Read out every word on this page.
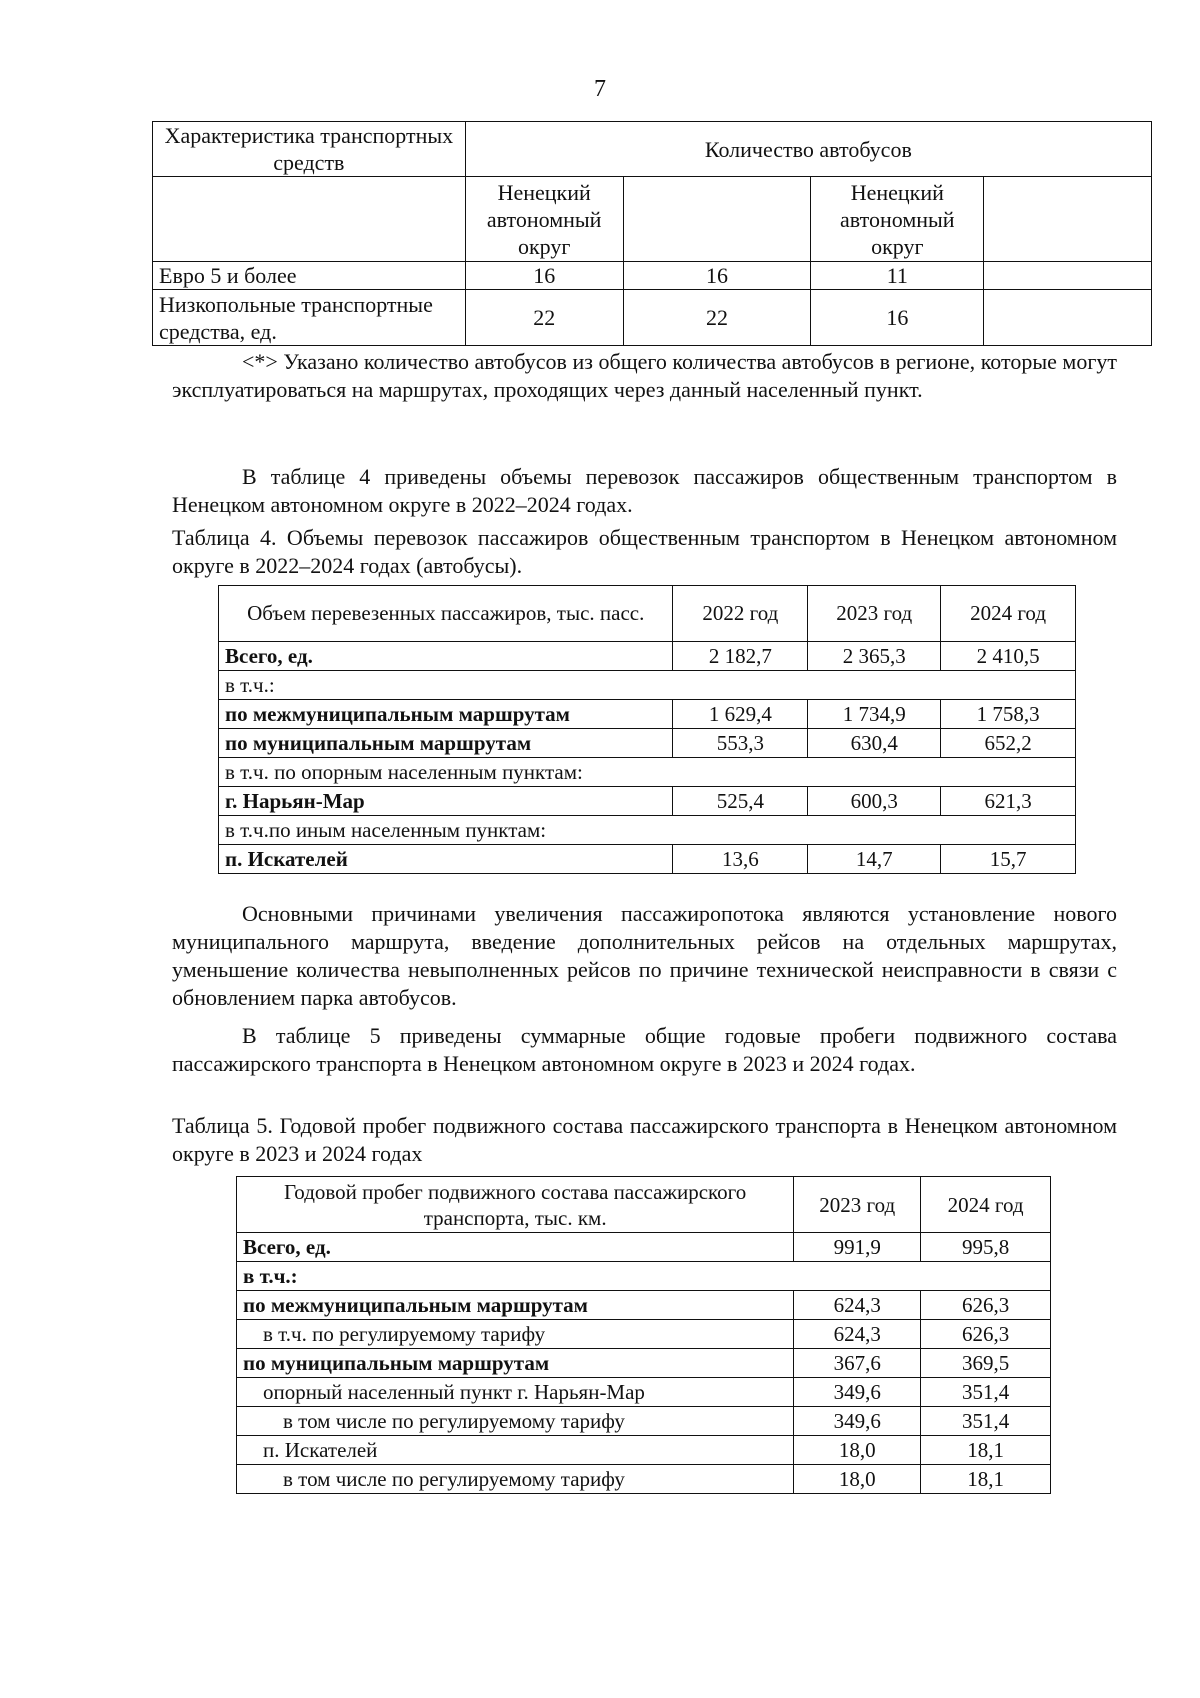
7
Характеристика транспортных средств	Количество автобусов			
	Ненецкий автономный округ		Ненецкий автономный округ	
Евро 5 и более	16	16	11	
Низкопольные транспортные средства, ед.	22	22	16	
<*> Указано количество автобусов из общего количества автобусов в регионе, которые могут эксплуатироваться на маршрутах, проходящих через данный населенный пункт.
В таблице 4 приведены объемы перевозок пассажиров общественным транспортом в Ненецком автономном округе в 2022–2024 годах.
Таблица 4. Объемы перевозок пассажиров общественным транспортом в Ненецком автономном округе в 2022–2024 годах (автобусы).
Объем перевезенных пассажиров, тыс. пасс.	2022 год	2023 год	2024 год
Всего, ед.	2 182,7	2 365,3	2 410,5
в т.ч.:			
по межмуниципальным маршрутам	1 629,4	1 734,9	1 758,3
по муниципальным маршрутам	553,3	630,4	652,2
в т.ч. по опорным населенным пунктам:			
г. Нарьян-Мар	525,4	600,3	621,3
в т.ч.по иным населенным пунктам:			
п. Искателей	13,6	14,7	15,7
Основными причинами увеличения пассажиропотока являются установление нового муниципального маршрута, введение дополнительных рейсов на отдельных маршрутах, уменьшение количества невыполненных рейсов по причине технической неисправности в связи с обновлением парка автобусов.
В таблице 5 приведены суммарные общие годовые пробеги подвижного состава пассажирского транспорта в Ненецком автономном округе в 2023 и 2024 годах.
Таблица 5. Годовой пробег подвижного состава пассажирского транспорта в Ненецком автономном округе в 2023 и 2024 годах
Годовой пробег подвижного состава пассажирского транспорта, тыс. км.	2023 год	2024 год
Всего, ед.	991,9	995,8
в т.ч.:		
по межмуниципальным маршрутам	624,3	626,3
в т.ч. по регулируемому тарифу	624,3	626,3
по муниципальным маршрутам	367,6	369,5
опорный населенный пункт г. Нарьян-Мар	349,6	351,4
в том числе по регулируемому тарифу	349,6	351,4
п. Искателей	18,0	18,1
в том числе по регулируемому тарифу	18,0	18,1
